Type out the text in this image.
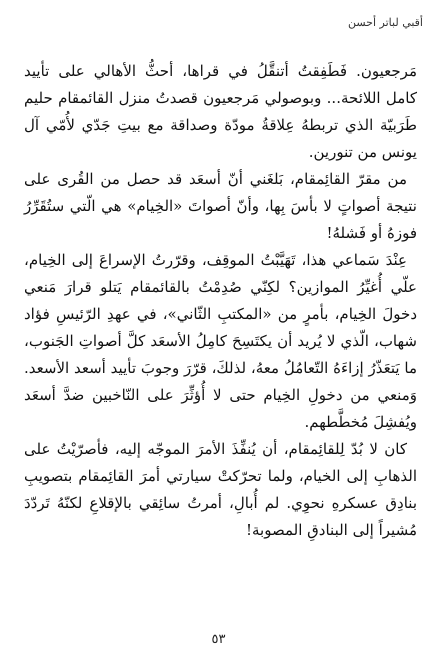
أقبي لباتر أحسن

مَرجعيون. فَطَفِقتُ أتنقَّلُ في قراها، أحثُّ الأهالي على تأييد كامل اللائحة... وبوصولي مَرجعيون قصدتُ منزل القائمقام حليم طَرَبيّة الذي تربطهُ عِلاقةُ مودّة وصداقة مع بيتِ جَدّي لأُمّي آل يونس من تنورين.

من مقرّ القائِمقام، بَلغَني أنّ أسعَد قد حصل من القُرى على نتيجة أصواتٍ لا بأسَ بِها، وأنّ أصواتَ «الخِيام» هي الّتي ستُقَرِّرُ فوزهُ أو فَشلهُ!

عِنْدَ سَماعي هذا، تَهَيَّبْتُ الموقِف، وقرّرتُ الإسراعَ إلى الخِيام، علّي أُغيِّرُ الموازين؟ لكِنّي صُدِمْتُ بالقائمقام يَتلو قرارَ مَنعي دخولَ الخِيام، بأمرٍ من «المكتبِ الثّاني»، في عهدِ الرّئيسِ فؤاد شهاب، الّذي لا يُريد أن يكتَسِحَ كامِلُ الأسعَد كلَّ أصواتِ الجَنوب، ما يَتعَذّرُ إزاءَهُ التّعامُلُ معهُ، لذلكَ، قرّرَ وجوبَ تأييد أسعد الأسعد. وَمنعي من دخولِ الخِيام حتى لا أُؤثِّرَ على النّاخبين ضدَّ أسعَد ويُفشِلَ مُخطَّطهم.

كان لا بُدّ لِلقائِمقام، أن يُنفِّذَ الأمرَ الموجّه إليه، فأصرّيْتُ على الذهابِ إلى الخيام، ولما تحرّكتْ سيارتي أمرَ القائِمقام بتصويبِ بنادِق عسكرهِ نحوِي. لم أُبالِ، أمرتُ سائِقي بالإقلاعِ لكنّهُ تَردّدَ مُشيراً إلى البنادقِ المصوبة!

٥٣
